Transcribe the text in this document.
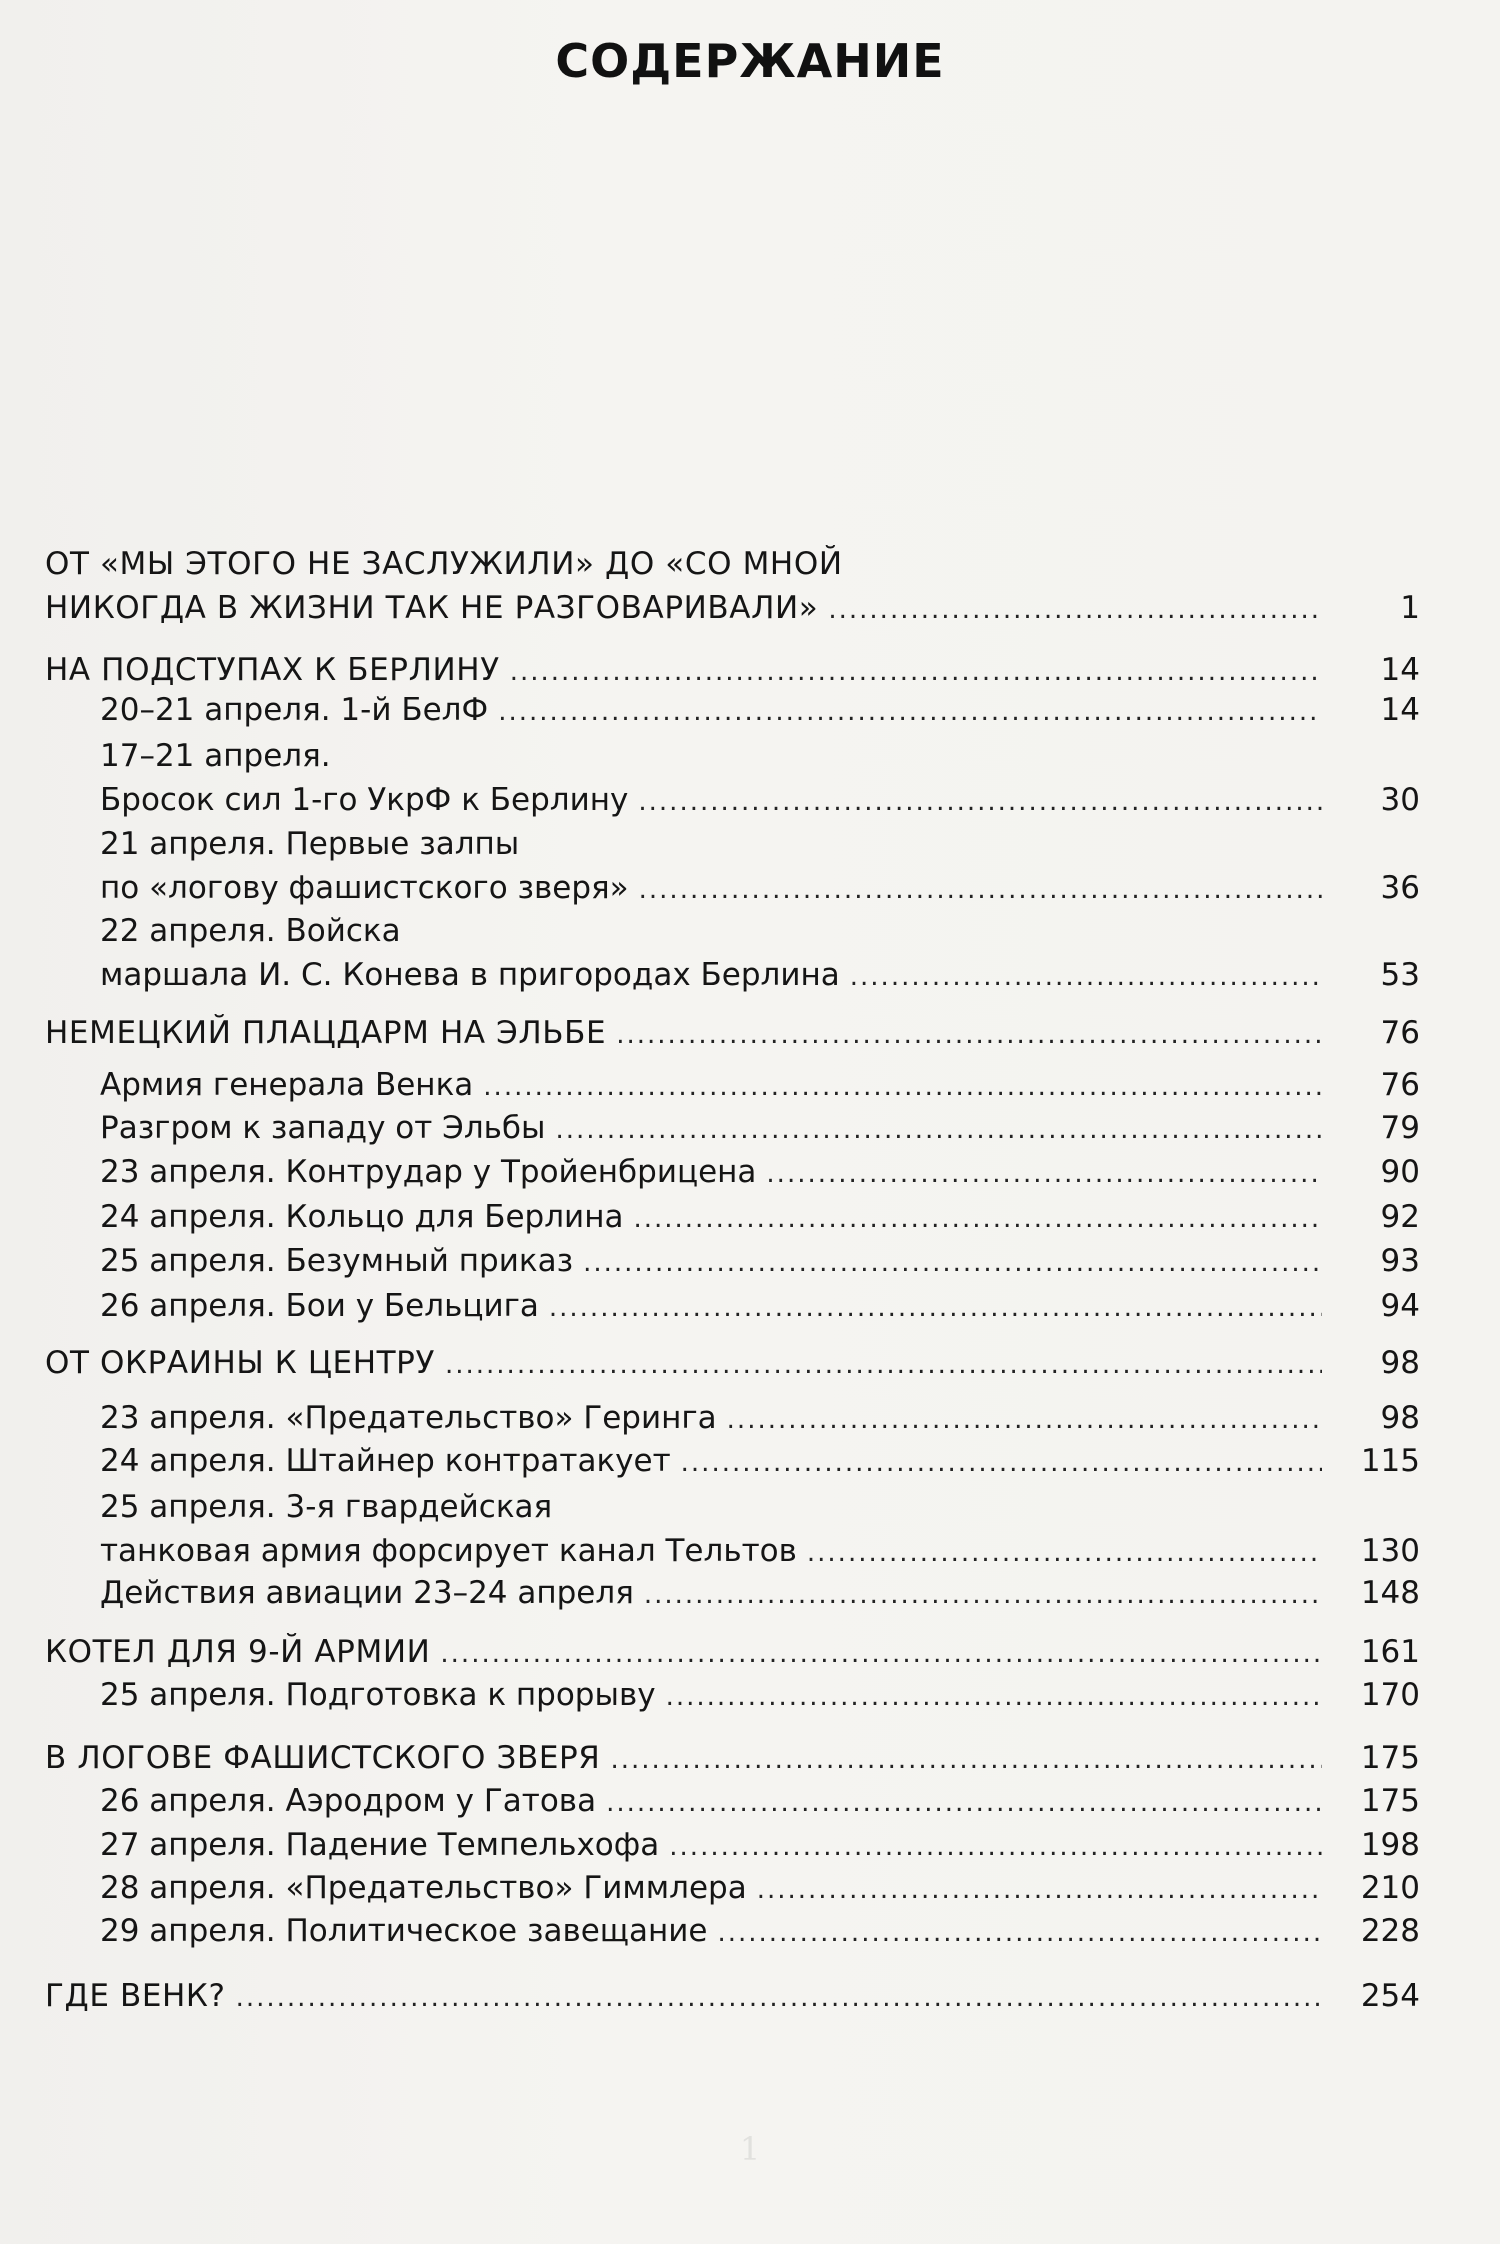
СОДЕРЖАНИЕ
ОТ «МЫ ЭТОГО НЕ ЗАСЛУЖИЛИ» ДО «СО МНОЙ
НИКОГДА В ЖИЗНИ ТАК НЕ РАЗГОВАРИВАЛИ» .....	1
НА ПОДСТУПАХ К БЕРЛИНУ .....	14
20–21 апреля. 1-й БелФ .....	14
17–21 апреля.
Бросок сил 1-го УкрФ к Берлину .....	30
21 апреля. Первые залпы
по «логову фашистского зверя» .....	36
22 апреля. Войска
маршала И. С. Конева в пригородах Берлина .....	53
НЕМЕЦКИЙ ПЛАЦДАРМ НА ЭЛЬБЕ .....	76
Армия генерала Венка .....	76
Разгром к западу от Эльбы .....	79
23 апреля. Контрудар у Тройенбрицена .....	90
24 апреля. Кольцо для Берлина .....	92
25 апреля. Безумный приказ .....	93
26 апреля. Бои у Бельцига .....	94
ОТ ОКРАИНЫ К ЦЕНТРУ .....	98
23 апреля. «Предательство» Геринга .....	98
24 апреля. Штайнер контратакует .....	115
25 апреля. 3-я гвардейская
танковая армия форсирует канал Тельтов .....	130
Действия авиации 23–24 апреля .....	148
КОТЕЛ ДЛЯ 9-Й АРМИИ .....	161
25 апреля. Подготовка к прорыву .....	170
В ЛОГОВЕ ФАШИСТСКОГО ЗВЕРЯ .....	175
26 апреля. Аэродром у Гатова .....	175
27 апреля. Падение Темпельхофа .....	198
28 апреля. «Предательство» Гиммлера .....	210
29 апреля. Политическое завещание .....	228
ГДЕ ВЕНК? .....	254
1
